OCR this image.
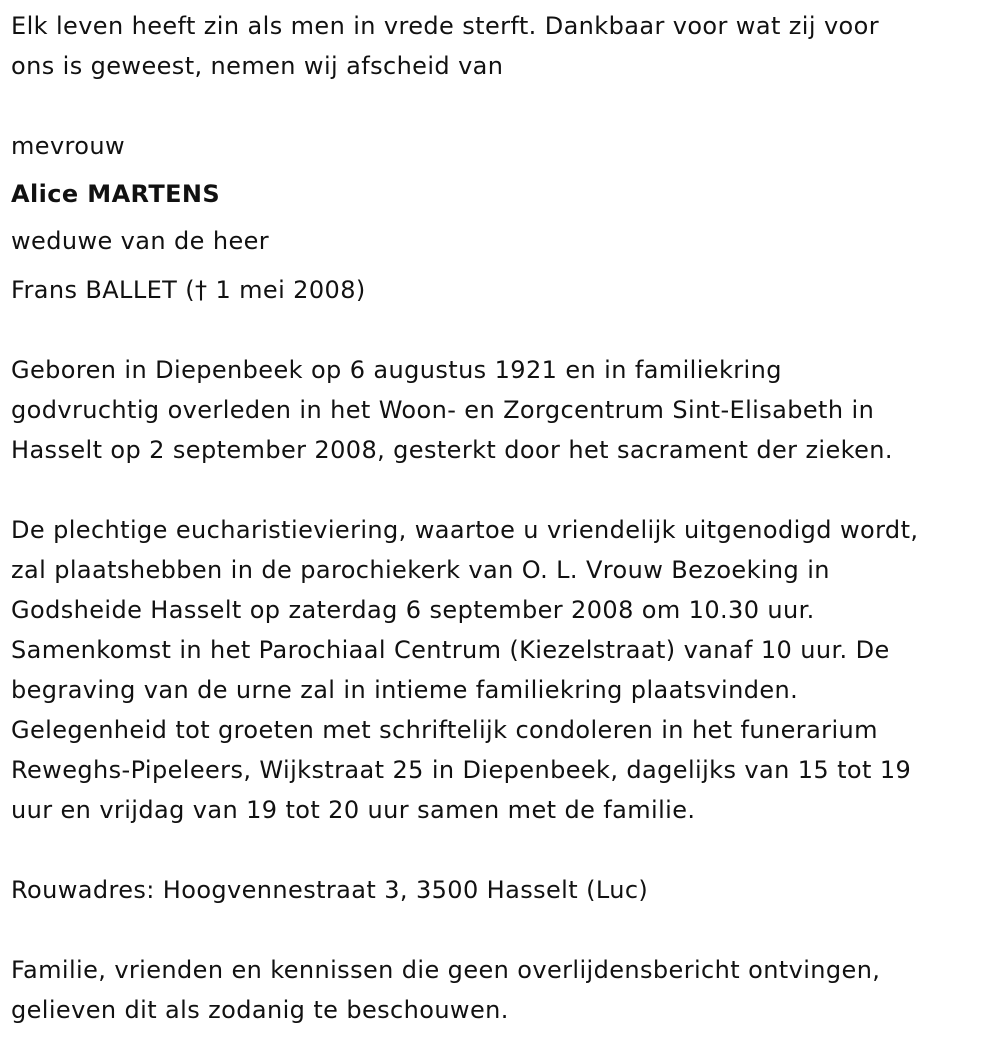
Elk leven heeft zin als men in vrede sterft. Dankbaar voor wat zij voor
ons is geweest, nemen wij afscheid van
mevrouw
Alice MARTENS
weduwe van de heer
Frans BALLET († 1 mei 2008)
Geboren in Diepenbeek op 6 augustus 1921 en in familiekring
godvruchtig overleden in het Woon- en Zorgcentrum Sint-Elisabeth in
Hasselt op 2 september 2008, gesterkt door het sacrament der zieken.
De plechtige eucharistieviering, waartoe u vriendelijk uitgenodigd wordt,
zal plaatshebben in de parochiekerk van O. L. Vrouw Bezoeking in
Godsheide Hasselt op zaterdag 6 september 2008 om 10.30 uur.
Samenkomst in het Parochiaal Centrum (Kiezelstraat) vanaf 10 uur. De
begraving van de urne zal in intieme familiekring plaatsvinden.
Gelegenheid tot groeten met schriftelijk condoleren in het funerarium
Reweghs-Pipeleers, Wijkstraat 25 in Diepenbeek, dagelijks van 15 tot 19
uur en vrijdag van 19 tot 20 uur samen met de familie.
Rouwadres: Hoogvennestraat 3, 3500 Hasselt (Luc)
Familie, vrienden en kennissen die geen overlijdensbericht ontvingen,
gelieven dit als zodanig te beschouwen.
